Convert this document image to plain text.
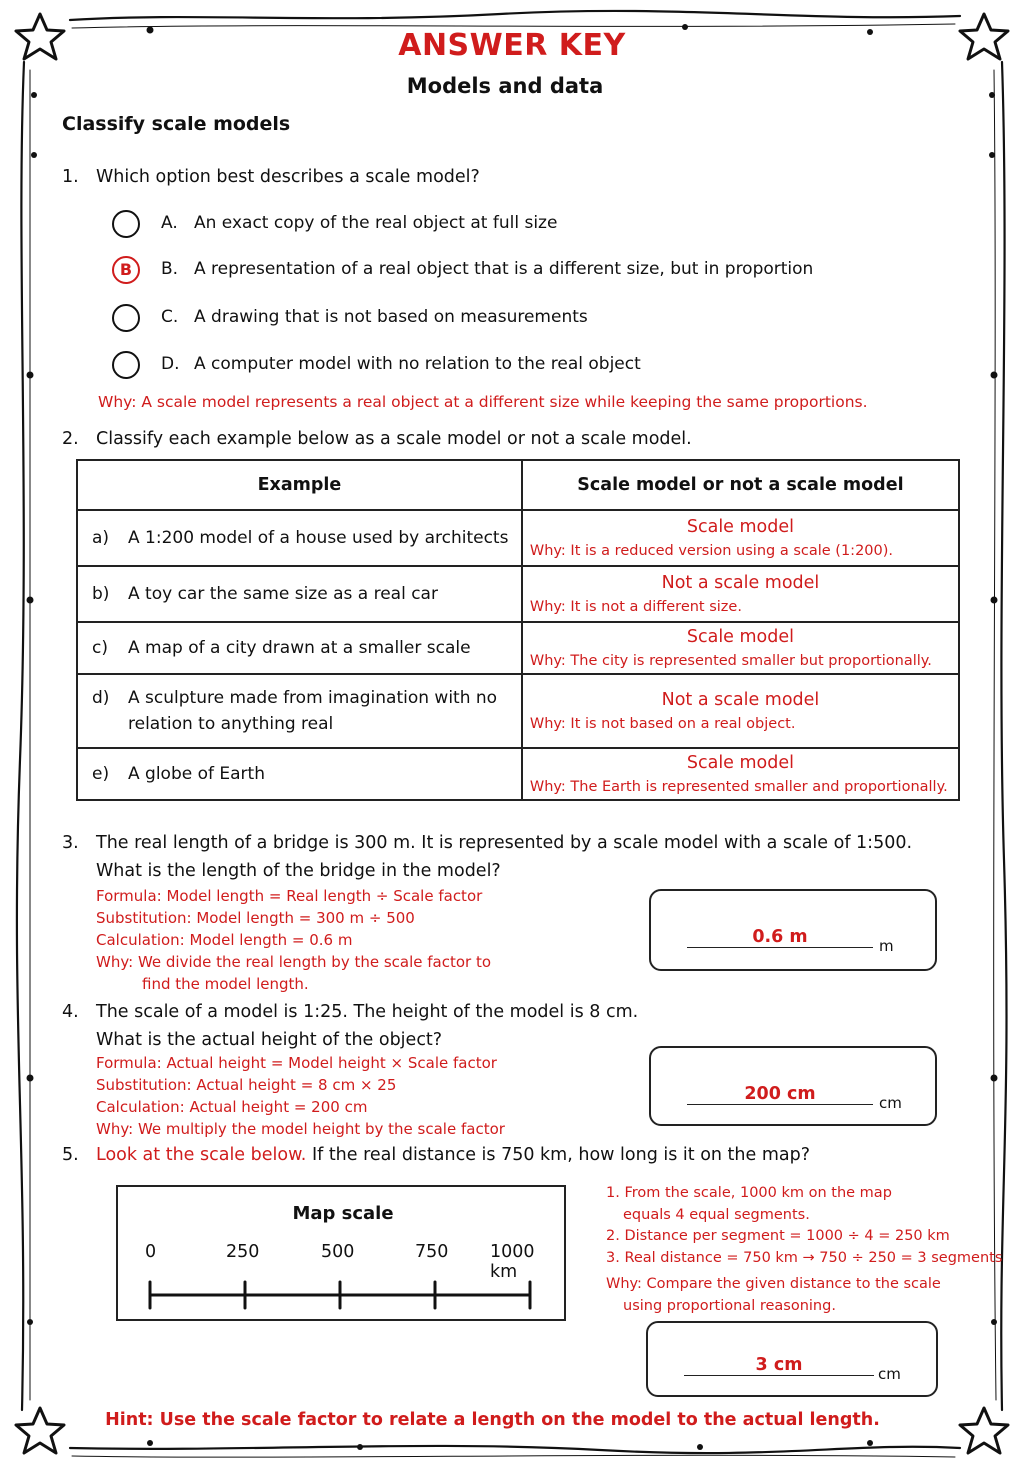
ANSWER KEY
Models and data
Classify scale models
1. Which option best describes a scale model?
A. An exact copy of the real object at full size
B	B. A representation of a real object that is a different size, but in proportion
C. A drawing that is not based on measurements
D. A computer model with no relation to the real object
Why: A scale model represents a real object at a different size while keeping the same proportions.
2. Classify each example below as a scale model or not a scale model.
Example	Scale model or not a scale model

a) A 1:200 model of a house used by architects	Scale model
Why: It is a reduced version using a scale (1:200).

b) A toy car the same size as a real car	Not a scale model
Why: It is not a different size.

c) A map of a city drawn at a smaller scale	Scale model
Why: The city is represented smaller but proportionally.

d) A sculpture made from imagination with no relation to anything real	Not a scale model
Why: It is not based on a real object.

e) A globe of Earth	Scale model
Why: The Earth is represented smaller and proportionally.
3. The real length of a bridge is 300 m. It is represented by a scale model with a scale of 1:500.
What is the length of the bridge in the model?
Formula: Model length = Real length ÷ Scale factor
Substitution: Model length = 300 m ÷ 500
Calculation: Model length = 0.6 m
Why: We divide the real length by the scale factor to
find the model length.
0.6 m	m
4. The scale of a model is 1:25. The height of the model is 8 cm.
What is the actual height of the object?
Formula: Actual height = Model height × Scale factor
Substitution: Actual height = 8 cm × 25
Calculation: Actual height = 200 cm
Why: We multiply the model height by the scale factor
200 cm	cm
5. Look at the scale below. If the real distance is 750 km, how long is it on the map?
Map scale
0	250	500	750 1000 km
1. From the scale, 1000 km on the map
equals 4 equal segments.
2. Distance per segment = 1000 ÷ 4 = 250 km
3. Real distance = 750 km → 750 ÷ 250 = 3 segments
Why: Compare the given distance to the scale
using proportional reasoning.
3 cm	cm
Hint: Use the scale factor to relate a length on the model to the actual length.
